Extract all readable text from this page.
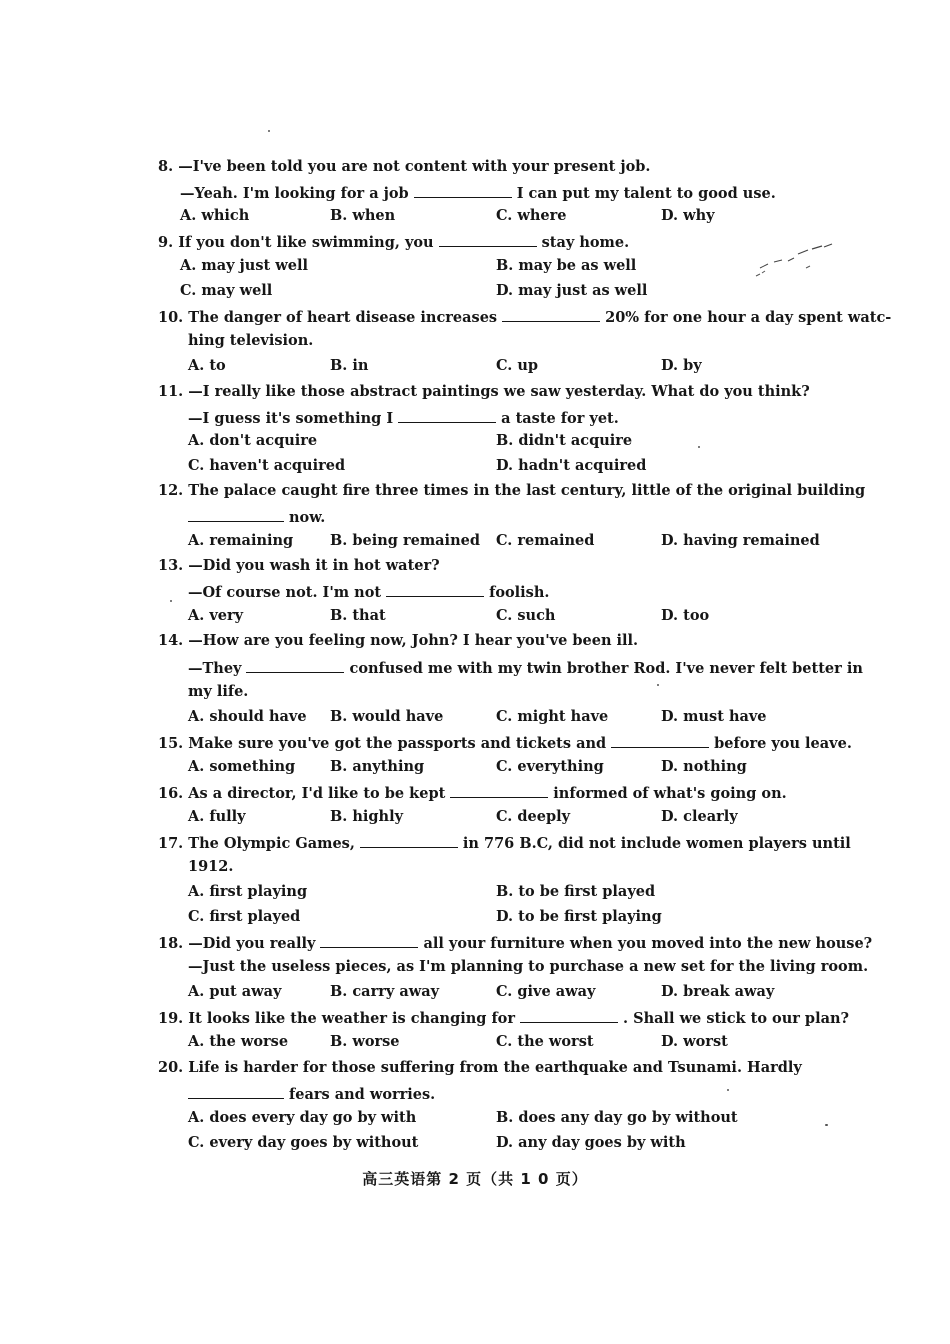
8. —I've been told you are not content with your present job.
—Yeah. I'm looking for a job	I can put my talent to good use.
A. which	B. when	C. where	D. why
9. If you don't like swimming, you	stay home.
A. may just well	B. may be as well
C. may well	D. may just as well
10. The danger of heart disease increases	20% for one hour a day spent watc-
hing television.
A. to	B. in	C. up	D. by
11. —I really like those abstract paintings we saw yesterday. What do you think?
—I guess it's something I	a taste for yet.
A. don't acquire	B. didn't acquire
C. haven't acquired	D. hadn't acquired
12. The palace caught fire three times in the last century, little of the original building
now.
A. remaining	B. being remained C. remained	D. having remained
13. —Did you wash it in hot water?
—Of course not. I'm not	foolish.
A. very	B. that	C. such	D. too
14. —How are you feeling now, John? I hear you've been ill.
—They	confused me with my twin brother Rod. I've never felt better in
my life.
A. should have B. would have	C. might have	D. must have
15. Make sure you've got the passports and tickets and	before you leave.
A. something B. anything	C. everything	D. nothing
16. As a director, I'd like to be kept	informed of what's going on.
A. fully	B. highly	C. deeply	D. clearly
17. The Olympic Games,	in 776 B.C, did not include women players until
1912.
A. first playing	B. to be first played
C. first played	D. to be first playing
18. —Did you really	all your furniture when you moved into the new house?
—Just the useless pieces, as I'm planning to purchase a new set for the living room.
A. put away	B. carry away	C. give away	D. break away
19. It looks like the weather is changing for	. Shall we stick to our plan?
A. the worse	B. worse	C. the worst	D. worst
20. Life is harder for those suffering from the earthquake and Tsunami. Hardly
fears and worries.
A. does every day go by with	B. does any day go by without
C. every day goes by without	D. any day goes by with
高三英语第 2 页（共 1 0 页）
